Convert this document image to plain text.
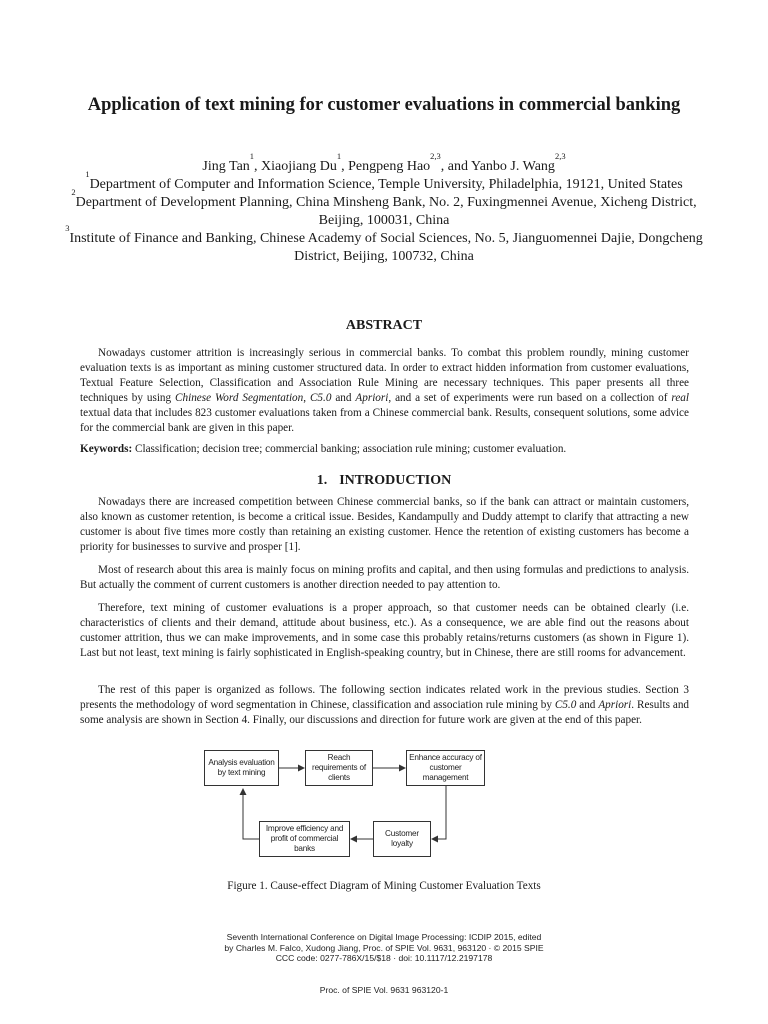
Application of text mining for customer evaluations in commercial banking

Jing Tan$^1$, Xiaojiang Du$^1$, Pengpeng Hao$^{2,3}$, and Yanbo J. Wang$^{2,3}$

$^1$Department of Computer and Information Science, Temple University, Philadelphia, 19121, United States

$^2$Department of Development Planning, China Minsheng Bank, No. 2, Fuxingmennei Avenue, Xicheng District, Beijing, 100031, China

$^3$Institute of Finance and Banking, Chinese Academy of Social Sciences, No. 5, Jianguomennei Dajie, Dongcheng District, Beijing, 100732, China

ABSTRACT

Nowadays customer attrition is increasingly serious in commercial banks. To combat this problem roundly, mining customer evaluation texts is as important as mining customer structured data. In order to extract hidden information from customer evaluations, Textual Feature Selection, Classification and Association Rule Mining are necessary techniques. This paper presents all three techniques by using Chinese Word Segmentation, C5.0 and Apriori, and a set of experiments were run based on a collection of real textual data that includes 823 customer evaluations taken from a Chinese commercial bank. Results, consequent solutions, some advice for the commercial bank are given in this paper.

Keywords: Classification; decision tree; commercial banking; association rule mining; customer evaluation.

1. INTRODUCTION

Nowadays there are increased competition between Chinese commercial banks, so if the bank can attract or maintain customers, also known as customer retention, is become a critical issue. Besides, Kandampully and Duddy attempt to clarify that attracting a new customer is about five times more costly than retaining an existing customer. Hence the retention of existing customers has become a priority for businesses to survive and prosper [1].

Most of research about this area is mainly focus on mining profits and capital, and then using formulas and predictions to analysis. But actually the comment of current customers is another direction needed to pay attention to.

Therefore, text mining of customer evaluations is a proper approach, so that customer needs can be obtained clearly (i.e. characteristics of clients and their demand, attitude about business, etc.). As a consequence, we are able find out the reasons about customer attrition, thus we can make improvements, and in some case this probably retains/returns customers (as shown in Figure 1). Last but not least, text mining is fairly sophisticated in English-speaking country, but in Chinese, there are still rooms for advancement.

The rest of this paper is organized as follows. The following section indicates related work in the previous studies. Section 3 presents the methodology of word segmentation in Chinese, classification and association rule mining by C5.0 and Apriori. Results and some analysis are shown in Section 4. Finally, our discussions and direction for future work are given at the end of this paper.

Analysis evaluation by text mining
Reach requirements of clients
Enhance accuracy of customer management
Customer loyalty
Improve efficiency and profit of commercial banks
Figure 1. Cause-effect Diagram of Mining Customer Evaluation Texts

Seventh International Conference on Digital Image Processing: ICDIP 2015, edited

by Charles M. Falco, Xudong Jiang, Proc. of SPIE Vol. 9631, 963120 · © 2015 SPIE

CCC code: 0277-786X/15/$18 · doi: 10.1117/12.2197178

Proc. of SPIE Vol. 9631 963120-1
